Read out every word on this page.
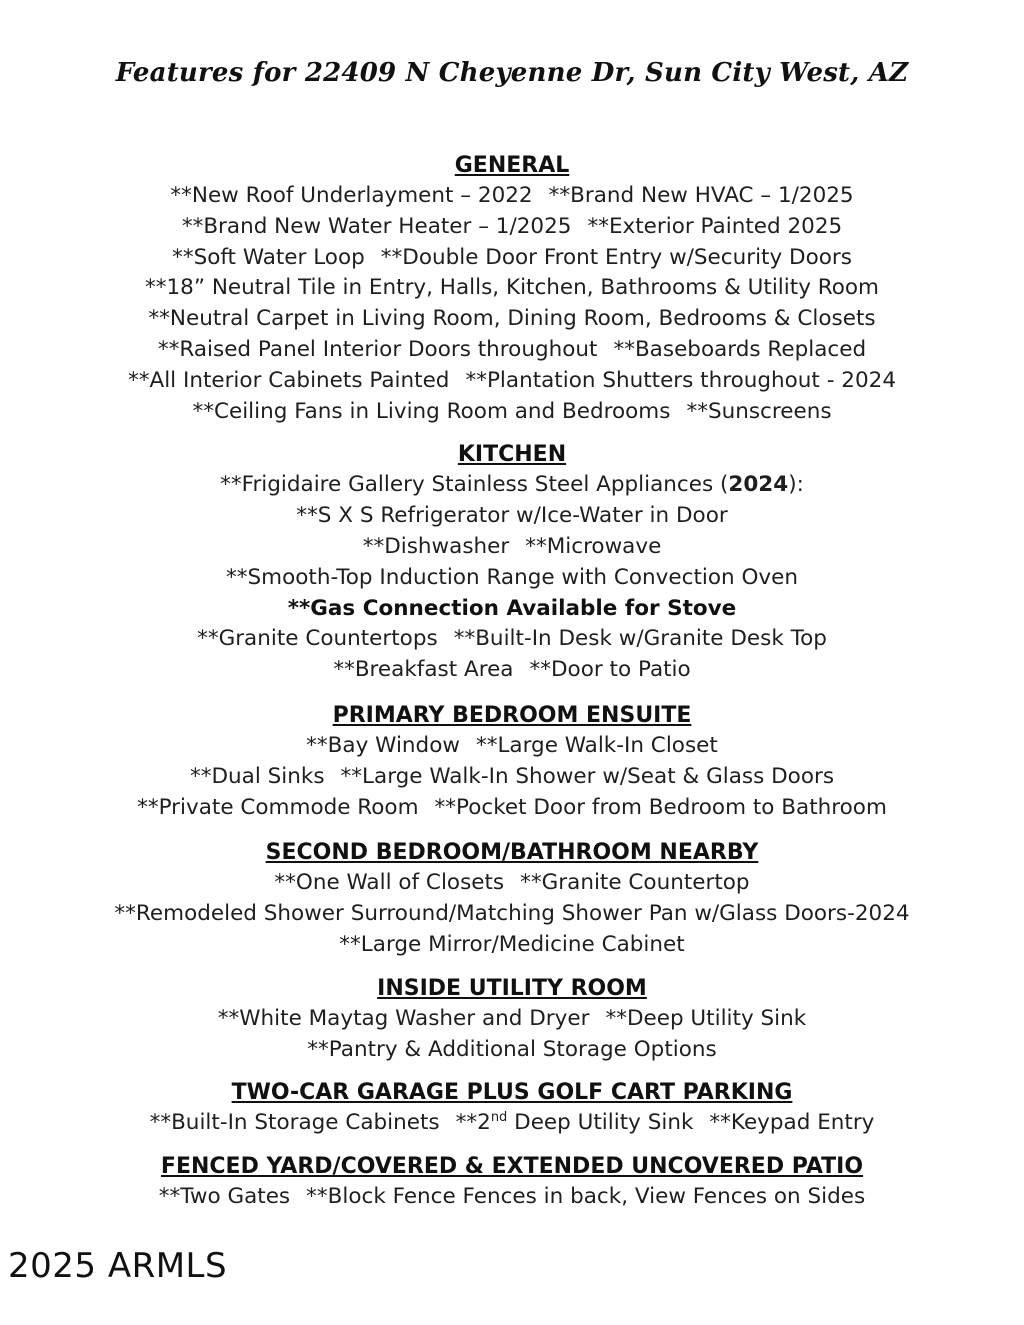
Features for 22409 N Cheyenne Dr, Sun City West, AZ
GENERAL
**New Roof Underlayment – 2022 **Brand New HVAC – 1/2025
**Brand New Water Heater – 1/2025 **Exterior Painted 2025
**Soft Water Loop **Double Door Front Entry w/Security Doors
**18” Neutral Tile in Entry, Halls, Kitchen, Bathrooms & Utility Room
**Neutral Carpet in Living Room, Dining Room, Bedrooms & Closets
**Raised Panel Interior Doors throughout **Baseboards Replaced
**All Interior Cabinets Painted **Plantation Shutters throughout - 2024
**Ceiling Fans in Living Room and Bedrooms **Sunscreens
KITCHEN
**Frigidaire Gallery Stainless Steel Appliances (2024):
**S X S Refrigerator w/Ice-Water in Door
**Dishwasher **Microwave
**Smooth-Top Induction Range with Convection Oven
**Gas Connection Available for Stove
**Granite Countertops **Built-In Desk w/Granite Desk Top
**Breakfast Area **Door to Patio
PRIMARY BEDROOM ENSUITE
**Bay Window **Large Walk-In Closet
**Dual Sinks **Large Walk-In Shower w/Seat & Glass Doors
**Private Commode Room **Pocket Door from Bedroom to Bathroom
SECOND BEDROOM/BATHROOM NEARBY
**One Wall of Closets **Granite Countertop
**Remodeled Shower Surround/Matching Shower Pan w/Glass Doors-2024
**Large Mirror/Medicine Cabinet
INSIDE UTILITY ROOM
**White Maytag Washer and Dryer **Deep Utility Sink
**Pantry & Additional Storage Options
TWO-CAR GARAGE PLUS GOLF CART PARKING
**Built-In Storage Cabinets **2nd Deep Utility Sink **Keypad Entry
FENCED YARD/COVERED & EXTENDED UNCOVERED PATIO
**Two Gates **Block Fence Fences in back, View Fences on Sides
2025 ARMLS
